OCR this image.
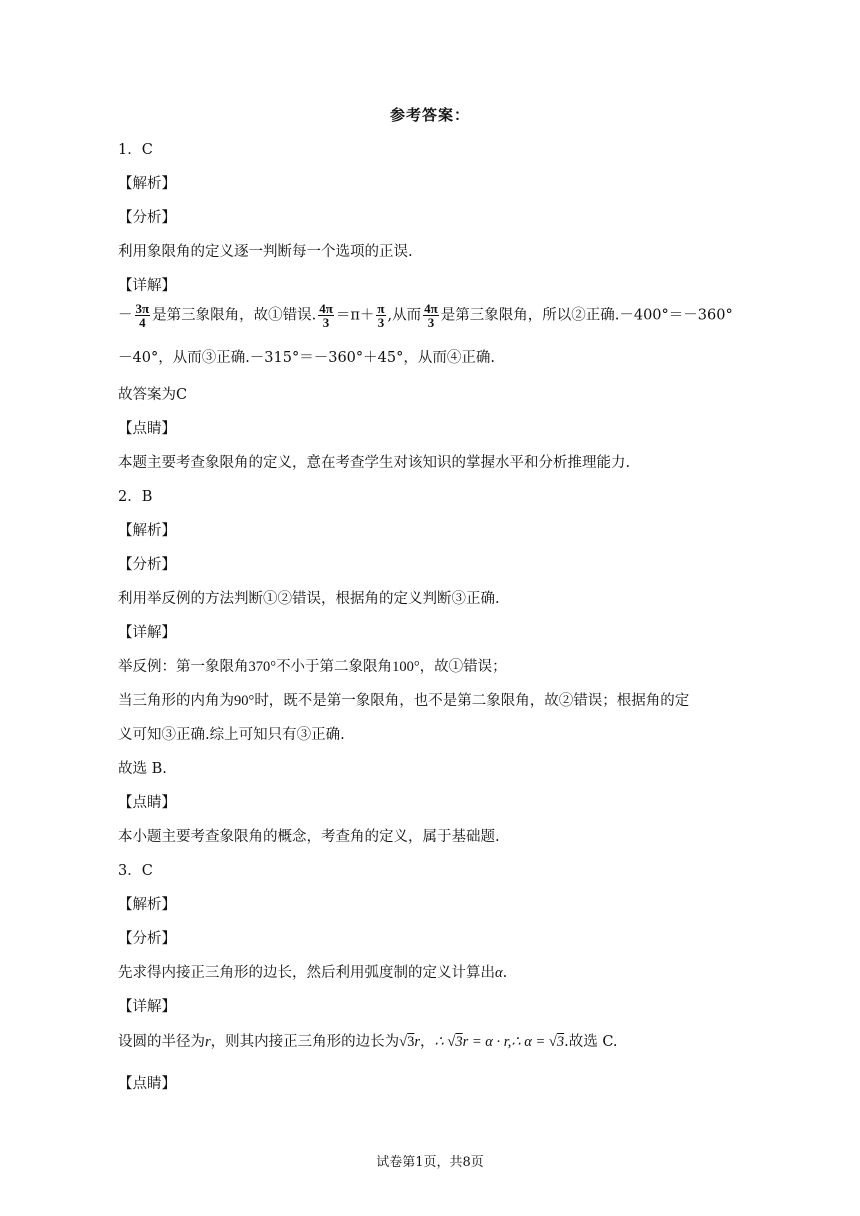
参考答案：
1．C
【解析】
【分析】
利用象限角的定义逐一判断每一个选项的正误.
【详解】
－ $\frac{3\pi}{4}$ 是第三象限角，故①错误. $\frac{4\pi}{3} =\pi+ \frac{\pi}{3}$ ,从而 $\frac{4\pi}{3}$ 是第三象限角，所以②正确.－400°＝－360°
－40°，从而③正确.－315°＝－360°＋45°，从而④正确.
故答案为C
【点睛】
本题主要考查象限角的定义，意在考查学生对该知识的掌握水平和分析推理能力.
2．B
【解析】
【分析】
利用举反例的方法判断①②错误，根据角的定义判断③正确.
【详解】
举反例：第一象限角370°不小于第二象限角100°，故①错误；
当三角形的内角为90°时，既不是第一象限角，也不是第二象限角，故②错误；根据角的定
义可知③正确.综上可知只有③正确.
故选 B.
【点睛】
本小题主要考查象限角的概念，考查角的定义，属于基础题.
3．C
【解析】
【分析】
先求得内接正三角形的边长，然后利用弧度制的定义计算出α.
【详解】
设圆的半径为r，则其内接正三角形的边长为√3r，∴ √3r = α · r,∴ α = √3.故选 C.
【点睛】
试卷第1页，共8页
